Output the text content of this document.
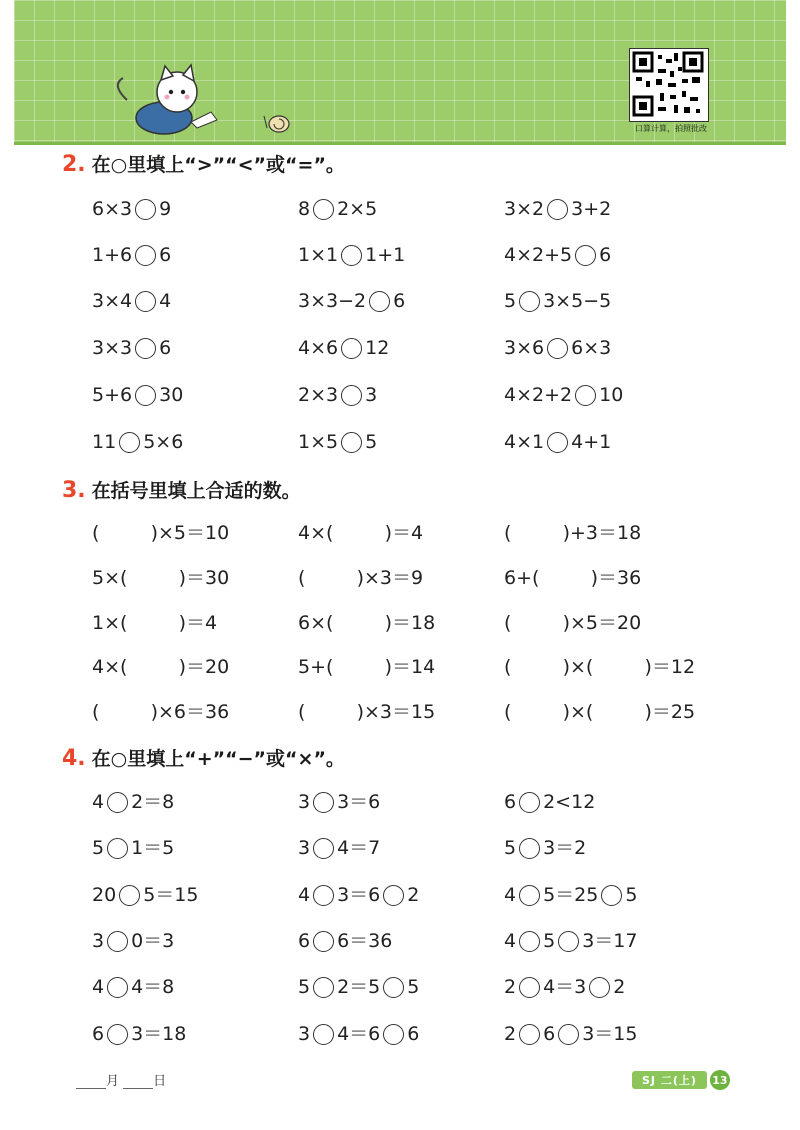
口算计算，拍照批改
2. 在○里填上“>”“<”或“=”。
6×3 9	8 2×5	3×2 3+2
1+6 6	1×1 1+1	4×2+5 6
3×4 4	3×3−2 6	5 3×5−5
3×3 6	4×6 12	3×6 6×3
5+6 30	2×3 3	4×2+2 10
11 5×6	1×5 5	4×1 4+1
3. 在括号里填上合适的数。
(	) ×5＝10	4× (	) ＝4	(	) +3＝18
5× (	) ＝30	(	) ×3＝9	6+ (	) ＝36
1× (	) ＝4	6× (	) ＝18	(	) ×5＝20
4× (	) ＝20	5+ (	) ＝14	(	) × (	) ＝12
(	) ×6＝36	(	) ×3＝15	(	) × (	) ＝25
4. 在○里填上“+”“−”或“×”。
4 2＝8	3 3＝6	6 2<12
5 1＝5	3 4＝7	5 3＝2
20 5＝15	4 3＝6 2	4 5＝25 5
3 0＝3	6 6＝36	4 5 3＝17
4 4＝8	5 2＝5 5	2 4＝3 2
6 3＝18	3 4＝6 6	2 6 3＝15
月	日	SJ 二(上)	13
